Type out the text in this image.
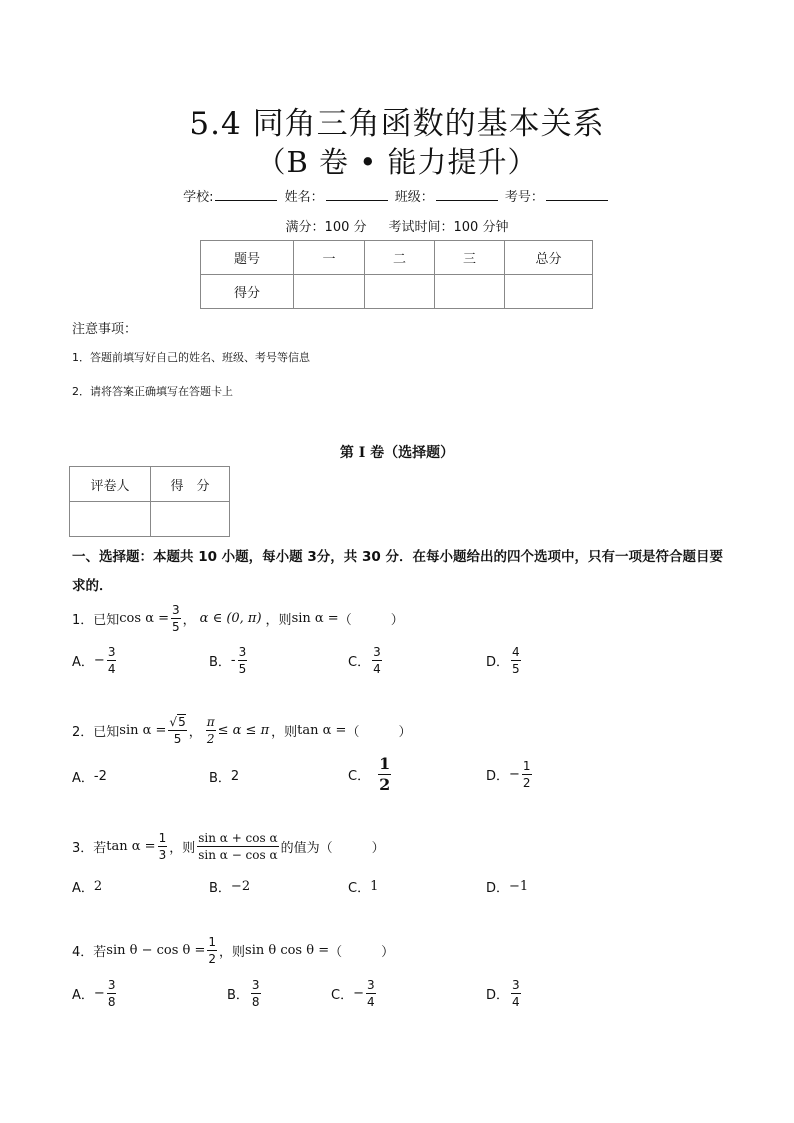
5.4 同角三角函数的基本关系
（B 卷 • 能力提升）
学校:	姓名：	班级：	考号：
满分：100 分 考试时间：100 分钟
题号	一	二	三	总分
得分				
注意事项：
1．答题前填写好自己的姓名、班级、考号等信息
2．请将答案正确填写在答题卡上
第 I 卷（选择题）
评卷人	得　分

一、选择题：本题共 10 小题，每小题 3分，共 30 分．在每小题给出的四个选项中，只有一项是符合题目要求的．
1．已知 $\cos \alpha = \frac{3}{5}$ ， α ∈ (0, π) ，则 sin α = （　　　）
A． − $\frac{3}{4}$	B． - $\frac{3}{5}$	C． $\frac{3}{4}$	D． $\frac{4}{5}$
2．已知 $\sin \alpha = \frac{√5}{5}$ ， $\frac{\pi}{2} \le \alpha \le \pi$ ，则 tan α = （　　　）
A． -2	B． 2	C． $\frac{1}{2}$	D． − $\frac{1}{2}$
3．若 $\tan \alpha = \frac{1}{3}$ ，则 $\frac{\text{sin α + cos α}}{\text{sin α − cos α}}$ 的值为（　　　）
A． 2	B． −2	C． 1	D． −1
4．若 $\sin \theta - \cos \theta = \frac{1}{2}$ ，则 sin θ cos θ = （　　　）
A． − $\frac{3}{8}$	B． $\frac{3}{8}$	C． − $\frac{3}{4}$	D． $\frac{3}{4}$
